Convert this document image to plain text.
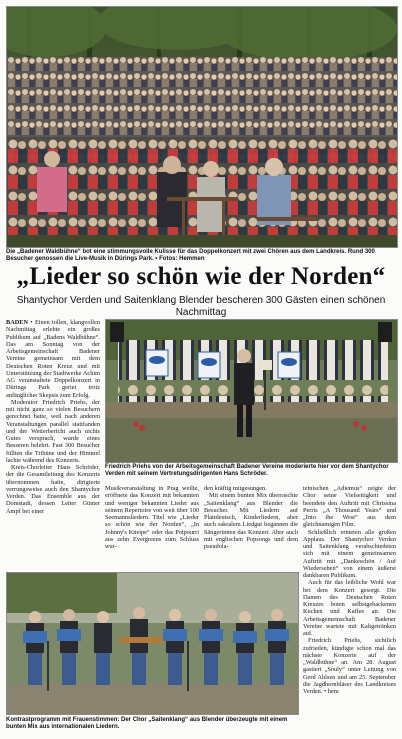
Die „Badener Waldbühne“ bot eine stimmungsvolle Kulisse für das Doppelkonzert mit zwei Chören aus dem Landkreis. Rund 300 Besucher genossen die Live-Musik in Dürings Park. • Fotos: Hemmen
„Lieder so schön wie der Norden“
Shantychor Verden und Saitenklang Blender bescheren 300 Gästen einen schönen Nachmittag

BADEN • Einen tollen, klangvollen Nachmittag erlebte ein großes Publikum auf „Badens Waldbühne“. Das am Sonntag von der Arbeitsgemeinschaft Badener Vereine gemeinsam mit dem Deutschen Roten Kreuz und mit Unterstützung der Stadtwerke Achim AG veranstaltete Doppelkonzert in Dürings Park geriet trotz anfänglicher Skepsis zum Erfolg.

Moderator Friedrich Priehs, der mit nicht ganz so vielen Besuchern gerechnet hatte, weil nach anderen Veranstaltungen parallel stattfanden und der Wetterbericht auch nichts Gutes versprach, wurde eines Besseren belehrt. Fast 300 Besucher füllten die Tribüne und der Himmel lachte während des Konzerts.

Kreis-Chorleiter Hans Schröder, der die Gesamtleitung des Konzerts übernommen hatte, dirigierte verrungsweise auch den Shantychor Verden. Das Ensemble aus der Domstadt, dessen Leiter Günter Ampf bei einer

Friedrich Priehs von der Arbeitsgemeinschaft Badener Vereine moderierte hier vor dem Shantychor Verden mit seinem Vertretungsdirigenten Hans Schröder.

Musikveranstaltung in Prag weilte, eröffnete das Konzert mit bekannten und weniger bekannten Lieder aus seinem Repertoire von weit über 100 Seemannsliedern. Titel wie „Lieder so schön wie der Norden“, „In Johnny's Kneipe“ oder das Potpourri aus zehn Evergreens zum Schluss wur-

den kräftig mitgesungen.

Mit einem bunten Mix überraschte „Saitenklang“ aus Blender die Besucher. Mit Liedern auf Plattdeutsch, Kinderliedern, aber auch sakralem Liedgut begannen die Sängerinnen das Konzert. Aber auch mit englischen Popsongs und dem pseudola-

teinischen „Adiemus“ zeigte der Chor seine Vielseitigkeit und beendete den Auftritt mit Chrissina Perris „A Thousand Years“ und „Into the West“ aus dem gleichnamigen Film.

Schließlich ernteten alle großen Applaus. Der Shantychor Verden und Saitenklang verabschiedeten sich mit einem gemeinsamen Auftritt mit „Dankeschön / Auf Wiedersehen“ von einem äußerst dankbaren Publikum.

Auch für das leibliche Wohl war bei dem Konzert gesorgt. Die Damen des Deutschen Roten Kreuzes boten selbstgebackenen Kuchen und Kaffee an. Die Arbeitsgemeinschaft Badener Vereine wartete mit Kaltgetränken auf.

Friedrich Priehs, sichtlich zufrieden, kündigte schon mal das nächste Konzerte auf der „Waldbühne“ an. Am 28. August gastiert „Souly“ unter Leitung von Gerd Ahlsen und am 25. September die Jagdhornbläser des Landkreises Verden. • hem

Kontrastprogramm mit Frauenstimmen: Der Chor „Saitenklang“ aus Blender überzeugte mit einem bunten Mix aus internationalen Liedern.
